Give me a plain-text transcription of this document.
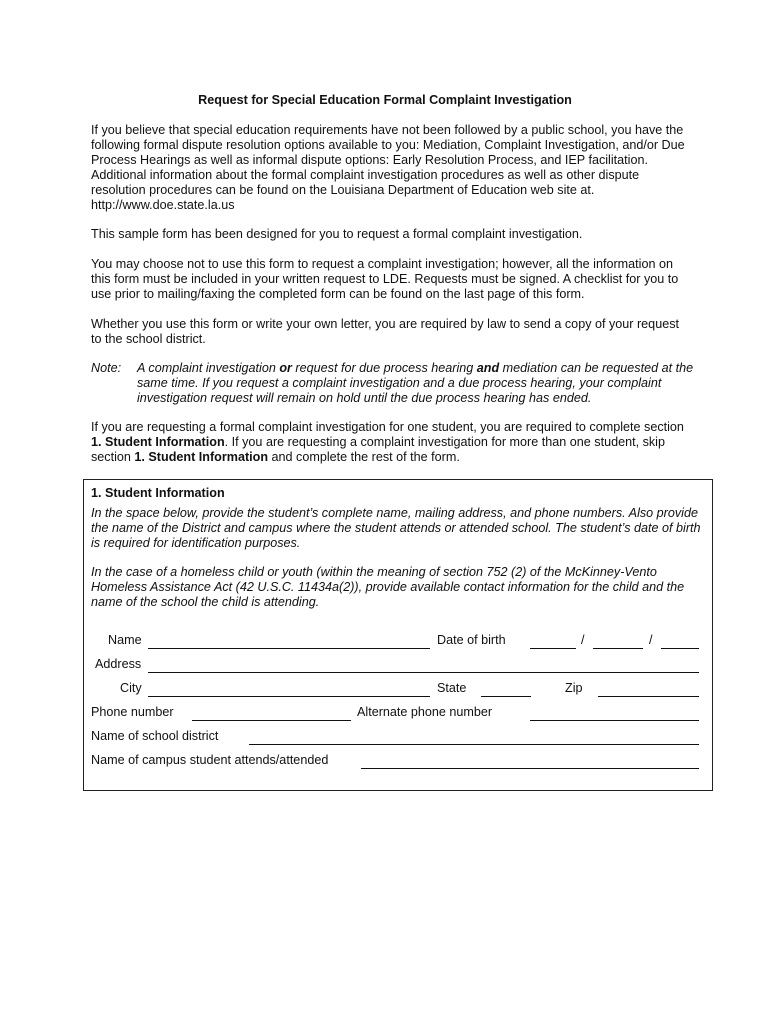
Request for Special Education Formal Complaint Investigation

If you believe that special education requirements have not been followed by a public school, you have the following formal dispute resolution options available to you: Mediation, Complaint Investigation, and/or Due Process Hearings as well as informal dispute options: Early Resolution Process, and IEP facilitation. Additional information about the formal complaint investigation procedures as well as other dispute resolution procedures can be found on the Louisiana Department of Education web site at. http://www.doe.state.la.us

This sample form has been designed for you to request a formal complaint investigation.

You may choose not to use this form to request a complaint investigation; however, all the information on this form must be included in your written request to LDE. Requests must be signed. A checklist for you to use prior to mailing/faxing the completed form can be found on the last page of this form.

Whether you use this form or write your own letter, you are required by law to send a copy of your request to the school district.

Note: A complaint investigation or request for due process hearing and mediation can be requested at the same time. If you request a complaint investigation and a due process hearing, your complaint investigation request will remain on hold until the due process hearing has ended.

If you are requesting a formal complaint investigation for one student, you are required to complete section 1. Student Information. If you are requesting a complaint investigation for more than one student, skip section 1. Student Information and complete the rest of the form.

1. Student Information

In the space below, provide the student’s complete name, mailing address, and phone numbers. Also provide the name of the District and campus where the student attends or attended school. The student’s date of birth is required for identification purposes.

In the case of a homeless child or youth (within the meaning of section 752 (2) of the McKinney-Vento Homeless Assistance Act (42 U.S.C. 11434a(2)), provide available contact information for the child and the name of the school the child is attending.

Name	Date of birth	/	/
Address
City	State	Zip
Phone number	Alternate phone number
Name of school district
Name of campus student attends/attended
